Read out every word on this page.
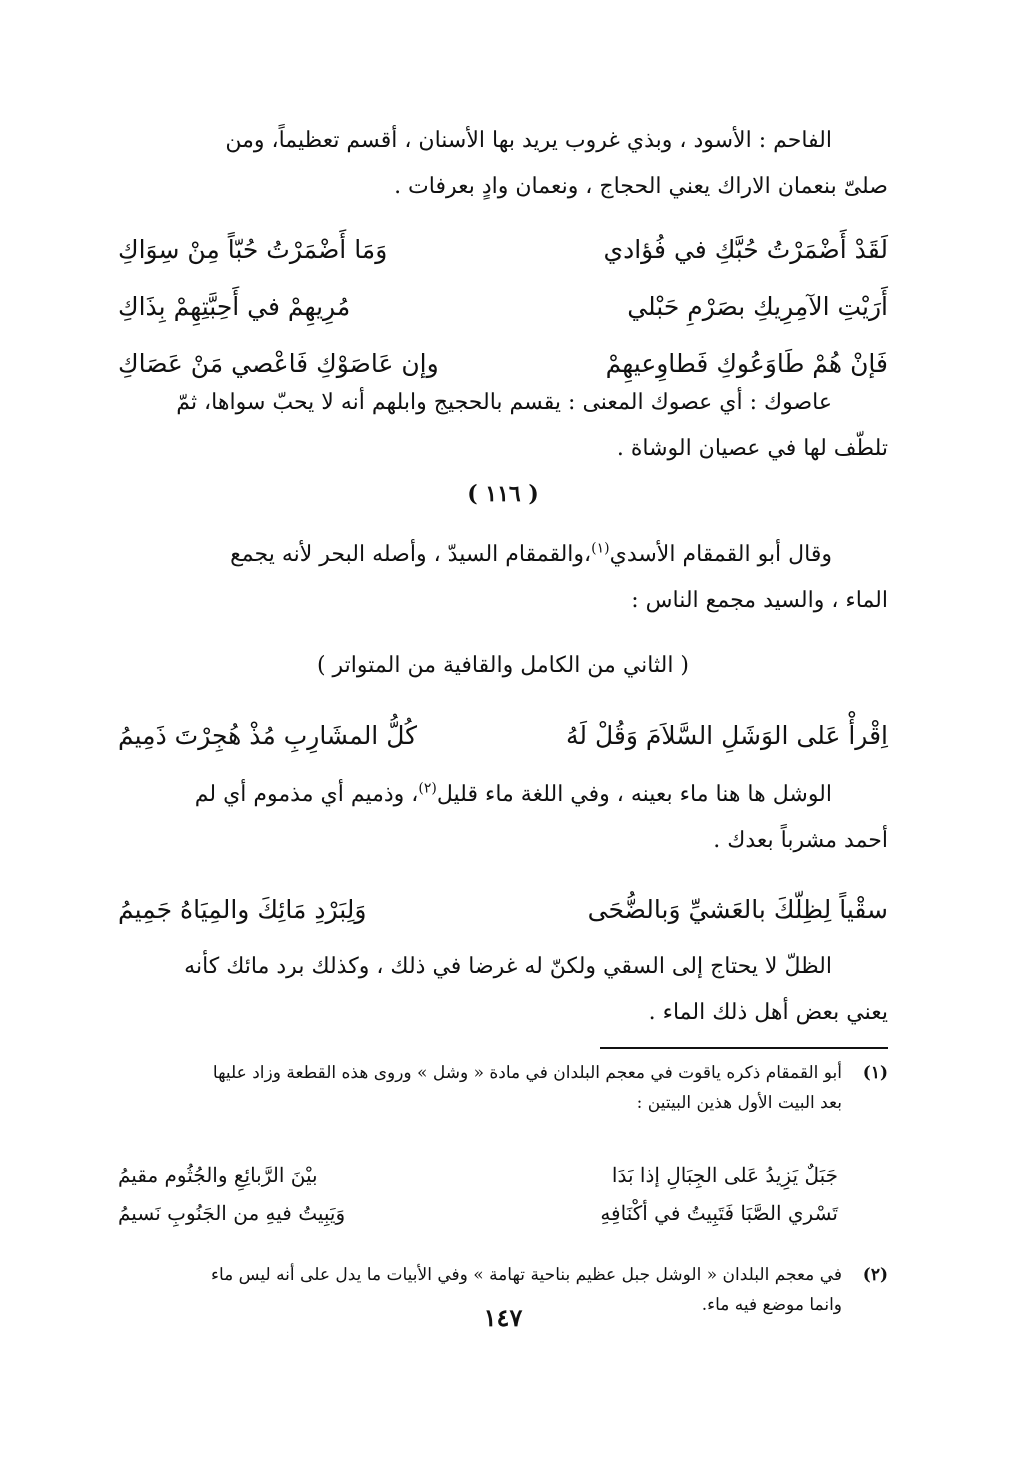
الفاحم : الأسود ، وبذي غروب يريد بها الأسنان ، أقسم تعظيماً، ومن
صلىّ بنعمان الاراك يعني الحجاج ، ونعمان وادٍ بعرفات .
لَقَدْ أَضْمَرْتُ حُبَّكِ في فُؤادي
وَمَا أَضْمَرْتُ حُبّاً مِنْ سِوَاكِ
أَرَيْتِ الآمِرِيكِ بصَرْمِ حَبْلي
مُرِيهِمْ في أَحِبَّتِهِمْ بِذَاكِ
فَإنْ هُمْ طَاوَعُوكِ فَطاوِعيهِمْ
وإن عَاصَوْكِ فَاعْصي مَنْ عَصَاكِ
عاصوك : أي عصوك المعنى : يقسم بالحجيج وابلهم أنه لا يحبّ سواها، ثمّ
تلطّف لها في عصيان الوشاة .
( ١١٦ )
وقال أبو القمقام الأسدي$^{(١)}$،والقمقام السيدّ ، وأصله البحر لأنه يجمع
الماء ، والسيد مجمع الناس :
( الثاني من الكامل والقافية من المتواتر )
اِقْرأْ عَلى الوَشَلِ السَّلاَمَ وَقُلْ لَهُ
كُلُّ المشَارِبِ مُذْ هُجِرْتَ ذَمِيمُ
الوشل ها هنا ماء بعينه ، وفي اللغة ماء قليل$^{(٢)}$، وذميم أي مذموم أي لم
أحمد مشرباً بعدك .
سقْياً لِظِلّكَ بالعَشيِّ وَبالضُّحَى
وَلِبَرْدِ مَائِكَ والمِيَاهُ جَمِيمُ
الظلّ لا يحتاج إلى السقي ولكنّ له غرضا في ذلك ، وكذلك برد مائك كأنه
يعني بعض أهل ذلك الماء .
(١)
أبو القمقام ذكره ياقوت في معجم البلدان في مادة « وشل » وروى هذه القطعة وزاد عليها
بعد البيت الأول هذين البيتين :
جَبَلٌ يَزِيدُ عَلى الجِبَالِ إذا بَدَا
بيْنَ الرَّبائِعِ والجُثُوم مقيمُ
تَسْري الصَّبَا فَتَبِيتُ في أكْنَافِهِ
وَيَبِيتُ فيهِ من الجَنُوبِ نَسيمُ
(٢)
في معجم البلدان « الوشل جبل عظيم بناحية تهامة » وفي الأبيات ما يدل على أنه ليس ماء
وانما موضع فيه ماء.
١٤٧
